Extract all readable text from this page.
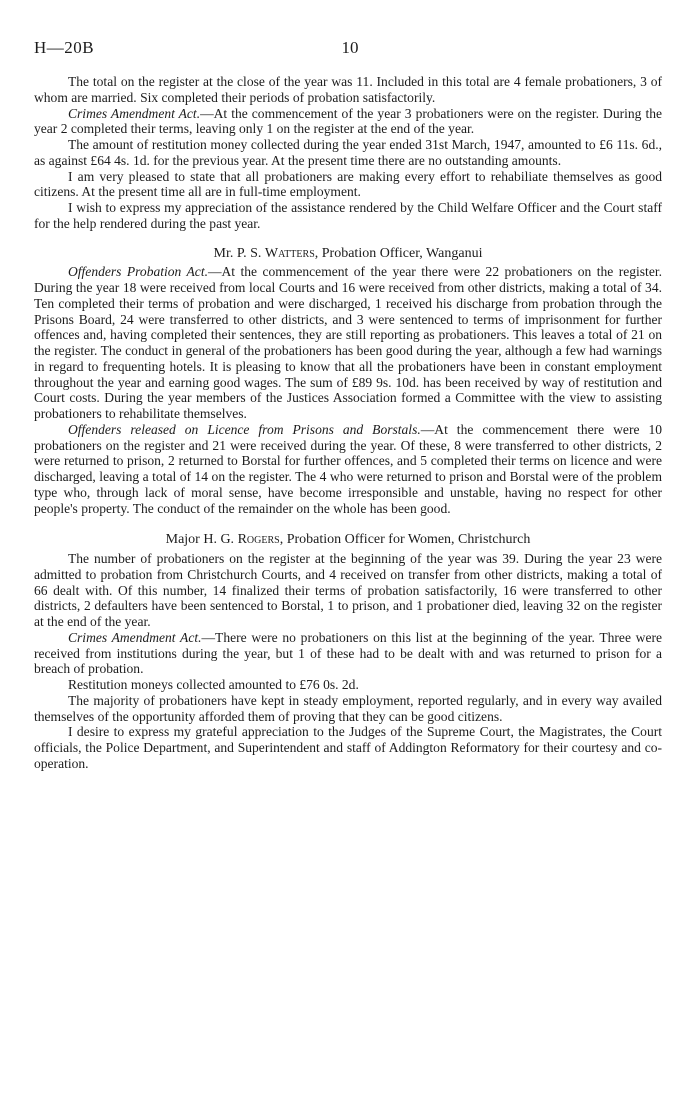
H—20B	10

The total on the register at the close of the year was 11. Included in this total are 4 female probationers, 3 of whom are married. Six completed their periods of probation satisfactorily.

Crimes Amendment Act.—At the commencement of the year 3 probationers were on the register. During the year 2 completed their terms, leaving only 1 on the register at the end of the year.

The amount of restitution money collected during the year ended 31st March, 1947, amounted to £6 11s. 6d., as against £64 4s. 1d. for the previous year. At the present time there are no outstanding amounts.

I am very pleased to state that all probationers are making every effort to rehabiliate themselves as good citizens. At the present time all are in full-time employment.

I wish to express my appreciation of the assistance rendered by the Child Welfare Officer and the Court staff for the help rendered during the past year.

Mr. P. S. Watters, Probation Officer, Wanganui

Offenders Probation Act.—At the commencement of the year there were 22 probationers on the register. During the year 18 were received from local Courts and 16 were received from other districts, making a total of 34. Ten completed their terms of probation and were discharged, 1 received his discharge from probation through the Prisons Board, 24 were transferred to other districts, and 3 were sentenced to terms of imprisonment for further offences and, having completed their sentences, they are still reporting as probationers. This leaves a total of 21 on the register. The conduct in general of the probationers has been good during the year, although a few had warnings in regard to frequenting hotels. It is pleasing to know that all the probationers have been in constant employment throughout the year and earning good wages. The sum of £89 9s. 10d. has been received by way of restitution and Court costs. During the year members of the Justices Association formed a Committee with the view to assisting probationers to rehabilitate themselves.

Offenders released on Licence from Prisons and Borstals.—At the commencement there were 10 probationers on the register and 21 were received during the year. Of these, 8 were transferred to other districts, 2 were returned to prison, 2 returned to Borstal for further offences, and 5 completed their terms on licence and were discharged, leaving a total of 14 on the register. The 4 who were returned to prison and Borstal were of the problem type who, through lack of moral sense, have become irresponsible and unstable, having no respect for other people's property. The conduct of the remainder on the whole has been good.

Major H. G. Rogers, Probation Officer for Women, Christchurch

The number of probationers on the register at the beginning of the year was 39. During the year 23 were admitted to probation from Christchurch Courts, and 4 received on transfer from other districts, making a total of 66 dealt with. Of this number, 14 finalized their terms of probation satisfactorily, 16 were transferred to other districts, 2 defaulters have been sentenced to Borstal, 1 to prison, and 1 probationer died, leaving 32 on the register at the end of the year.

Crimes Amendment Act.—There were no probationers on this list at the beginning of the year. Three were received from institutions during the year, but 1 of these had to be dealt with and was returned to prison for a breach of probation.

Restitution moneys collected amounted to £76 0s. 2d.

The majority of probationers have kept in steady employment, reported regularly, and in every way availed themselves of the opportunity afforded them of proving that they can be good citizens.

I desire to express my grateful appreciation to the Judges of the Supreme Court, the Magistrates, the Court officials, the Police Department, and Superintendent and staff of Addington Reformatory for their courtesy and co-operation.
